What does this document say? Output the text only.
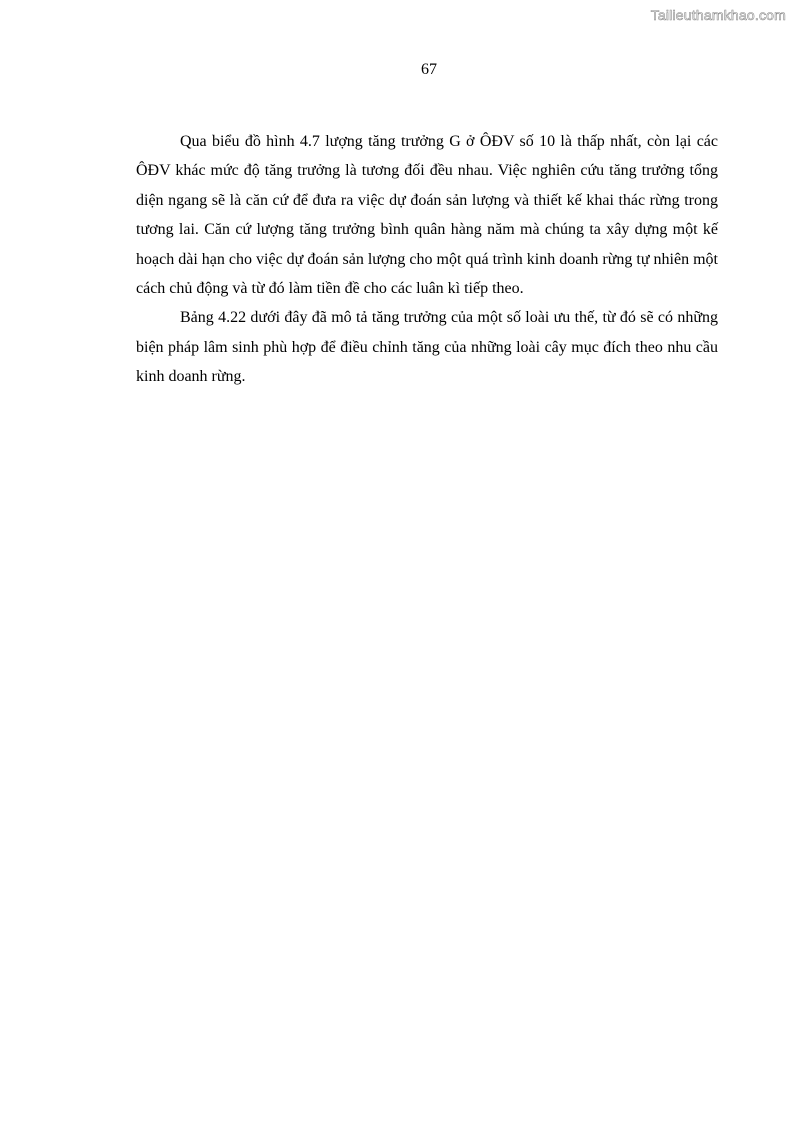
Tailieuthamkhao.com
67

Qua biểu đồ hình 4.7 lượng tăng trưởng G ở ÔĐV số 10 là thấp nhất, còn lại các ÔĐV khác mức độ tăng trưởng là tương đối đều nhau. Việc nghiên cứu tăng trưởng tổng diện ngang sẽ là căn cứ để đưa ra việc dự đoán sản lượng và thiết kế khai thác rừng trong tương lai. Căn cứ lượng tăng trưởng bình quân hàng năm mà chúng ta xây dựng một kế hoạch dài hạn cho việc dự đoán sản lượng cho một quá trình kinh doanh rừng tự nhiên một cách chủ động và từ đó làm tiền đề cho các luân kì tiếp theo.

Bảng 4.22 dưới đây đã mô tả tăng trưởng của một số loài ưu thế, từ đó sẽ có những biện pháp lâm sinh phù hợp để điều chỉnh tăng của những loài cây mục đích theo nhu cầu kinh doanh rừng.
